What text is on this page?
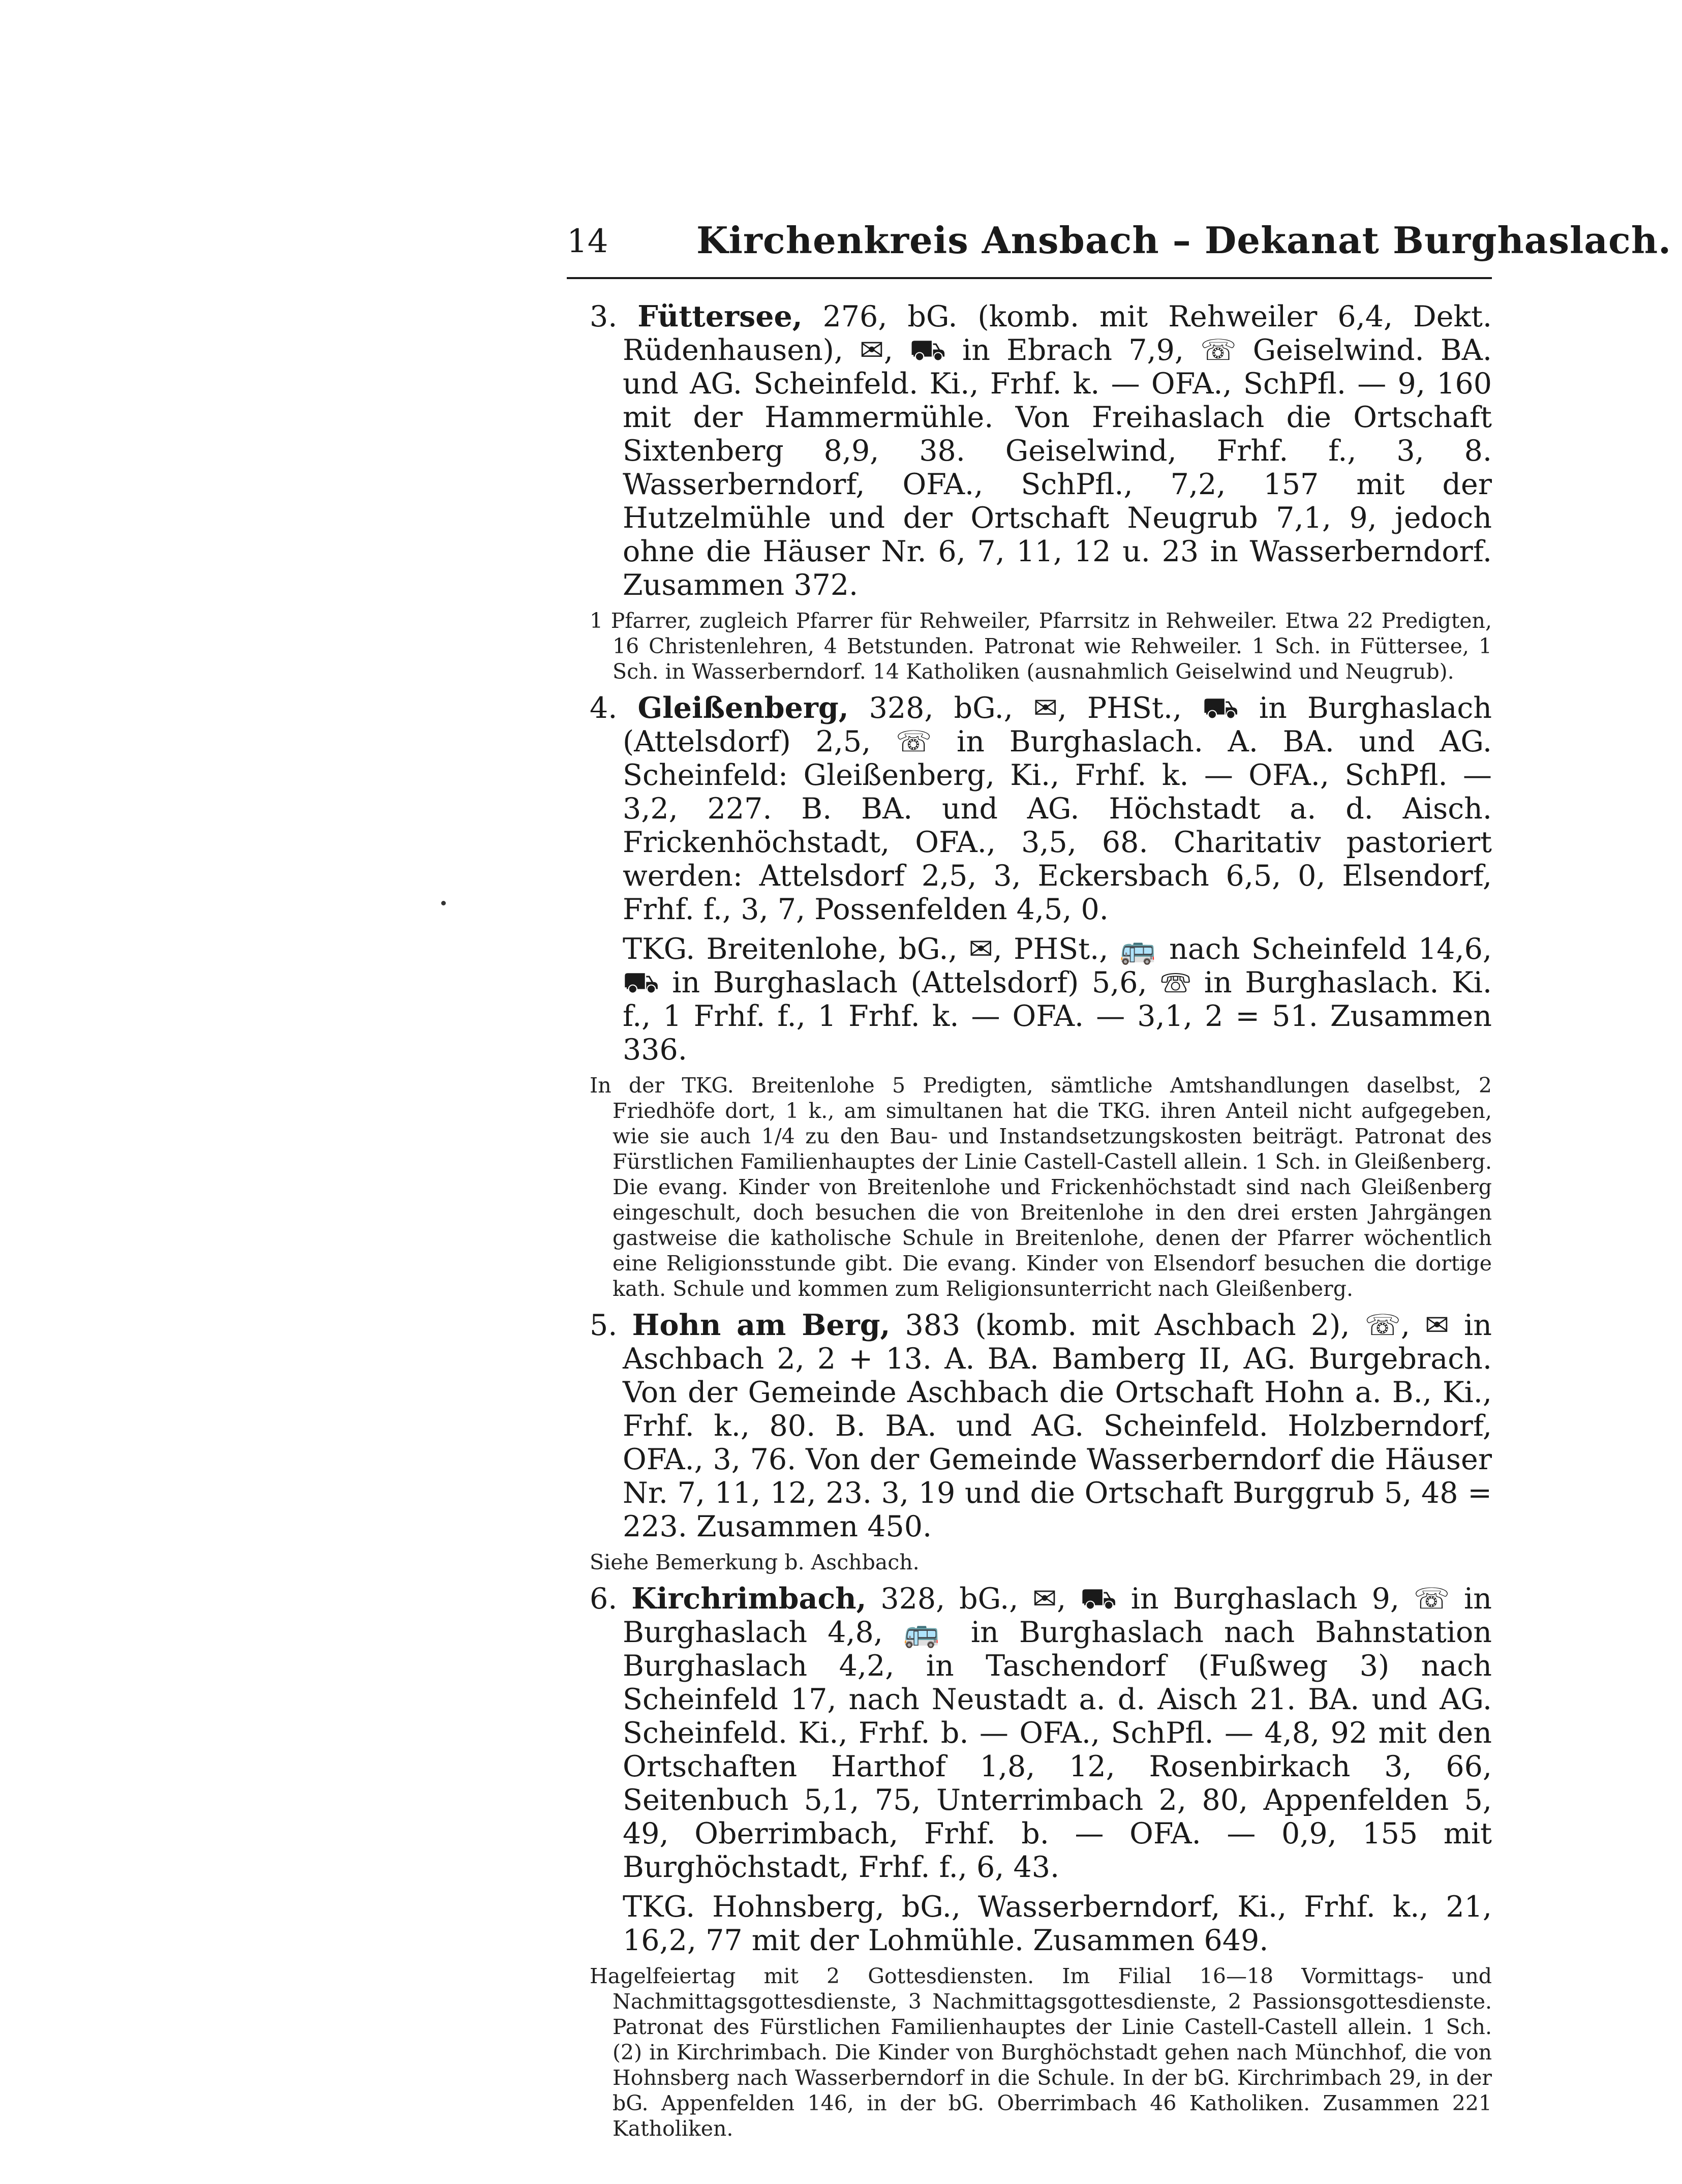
14 Kirchenkreis Ansbach – Dekanat Burghaslach.

3. Füttersee, 276, bG. (komb. mit Rehweiler 6,4, Dekt. Rüdenhausen), ✉, ⛟ in Ebrach 7,9, ☏ Geiselwind. BA. und AG. Scheinfeld. Ki., Frhf. k. — OFA., SchPfl. — 9, 160 mit der Hammermühle. Von Freihaslach die Ortschaft Sixtenberg 8,9, 38. Geiselwind, Frhf. f., 3, 8. Wasserberndorf, OFA., SchPfl., 7,2, 157 mit der Hutzelmühle und der Ortschaft Neugrub 7,1, 9, jedoch ohne die Häuser Nr. 6, 7, 11, 12 u. 23 in Wasserberndorf. Zusammen 372.

1 Pfarrer, zugleich Pfarrer für Rehweiler, Pfarrsitz in Rehweiler. Etwa 22 Predigten, 16 Christenlehren, 4 Betstunden. Patronat wie Rehweiler. 1 Sch. in Füttersee, 1 Sch. in Wasserberndorf. 14 Katholiken (ausnahmlich Geiselwind und Neugrub).

4. Gleißenberg, 328, bG., ✉, PHSt., ⛟ in Burghaslach (Attelsdorf) 2,5, ☏ in Burghaslach. A. BA. und AG. Scheinfeld: Gleißenberg, Ki., Frhf. k. — OFA., SchPfl. — 3,2, 227. B. BA. und AG. Höchstadt a. d. Aisch. Frickenhöchstadt, OFA., 3,5, 68. Charitativ pastoriert werden: Attelsdorf 2,5, 3, Eckersbach 6,5, 0, Elsendorf, Frhf. f., 3, 7, Possenfelden 4,5, 0.

TKG. Breitenlohe, bG., ✉, PHSt., 🚌 nach Scheinfeld 14,6, ⛟ in Burghaslach (Attelsdorf) 5,6, ☏ in Burghaslach. Ki. f., 1 Frhf. f., 1 Frhf. k. — OFA. — 3,1, 2 = 51. Zusammen 336.

In der TKG. Breitenlohe 5 Predigten, sämtliche Amtshandlungen daselbst, 2 Friedhöfe dort, 1 k., am simultanen hat die TKG. ihren Anteil nicht aufgegeben, wie sie auch 1/4 zu den Bau- und Instandsetzungskosten beiträgt. Patronat des Fürstlichen Familienhauptes der Linie Castell-Castell allein. 1 Sch. in Gleißenberg. Die evang. Kinder von Breitenlohe und Frickenhöchstadt sind nach Gleißenberg eingeschult, doch besuchen die von Breitenlohe in den drei ersten Jahrgängen gastweise die katholische Schule in Breitenlohe, denen der Pfarrer wöchentlich eine Religionsstunde gibt. Die evang. Kinder von Elsendorf besuchen die dortige kath. Schule und kommen zum Religionsunterricht nach Gleißenberg.

5. Hohn am Berg, 383 (komb. mit Aschbach 2), ☏, ✉ in Aschbach 2, 2 + 13. A. BA. Bamberg II, AG. Burgebrach. Von der Gemeinde Aschbach die Ortschaft Hohn a. B., Ki., Frhf. k., 80. B. BA. und AG. Scheinfeld. Holzberndorf, OFA., 3, 76. Von der Gemeinde Wasserberndorf die Häuser Nr. 7, 11, 12, 23. 3, 19 und die Ortschaft Burggrub 5, 48 = 223. Zusammen 450.

Siehe Bemerkung b. Aschbach.

6. Kirchrimbach, 328, bG., ✉, ⛟ in Burghaslach 9, ☏ in Burghaslach 4,8, 🚌 in Burghaslach nach Bahnstation Burghaslach 4,2, in Taschendorf (Fußweg 3) nach Scheinfeld 17, nach Neustadt a. d. Aisch 21. BA. und AG. Scheinfeld. Ki., Frhf. b. — OFA., SchPfl. — 4,8, 92 mit den Ortschaften Harthof 1,8, 12, Rosenbirkach 3, 66, Seitenbuch 5,1, 75, Unterrimbach 2, 80, Appenfelden 5, 49, Oberrimbach, Frhf. b. — OFA. — 0,9, 155 mit Burghöchstadt, Frhf. f., 6, 43.

TKG. Hohnsberg, bG., Wasserberndorf, Ki., Frhf. k., 21, 16,2, 77 mit der Lohmühle. Zusammen 649.

Hagelfeiertag mit 2 Gottesdiensten. Im Filial 16—18 Vormittags- und Nachmittagsgottesdienste, 3 Nachmittagsgottesdienste, 2 Passionsgottesdienste. Patronat des Fürstlichen Familienhauptes der Linie Castell-Castell allein. 1 Sch. (2) in Kirchrimbach. Die Kinder von Burghöchstadt gehen nach Münchhof, die von Hohnsberg nach Wasserberndorf in die Schule. In der bG. Kirchrimbach 29, in der bG. Appenfelden 146, in der bG. Oberrimbach 46 Katholiken. Zusammen 221 Katholiken.
